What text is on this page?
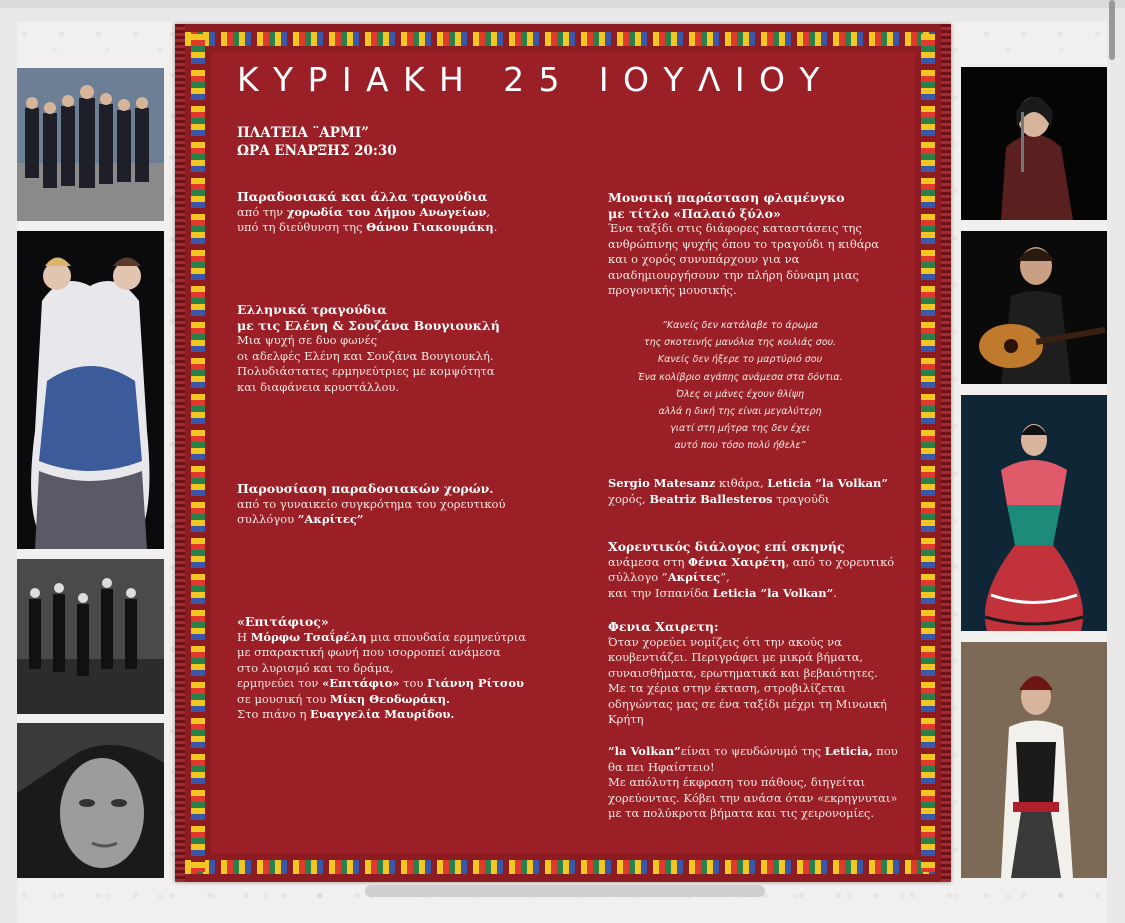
ΚΥΡΙΑΚΗ 25 ΙΟΥΛΙΟΥ
ΠΛΑΤΕΙΑ ¨ΑΡΜΙ”
ΩΡΑ ΕΝΑΡΞΗΣ 20:30
Παραδοσιακά και άλλα τραγούδια
από την χορωδία του Δήμου Ανωγείων,
υπό τη διεύθυνση της Θάνου Γιακουμάκη.
Ελληνικά τραγούδια
με τις Ελένη & Σουζάνα Βουγιουκλή
Μια ψυχή σε δυο φωνές
οι αδελφές Ελένη και Σουζάνα Βουγιουκλή.
Πολυδιάστατες ερμηνεύτριες με κομψότητα
και διαφάνεια κρυστάλλου.
Παρουσίαση παραδοσιακών χορών.
από το γυναικείο συγκρότημα του χορευτικού
συλλόγου ”Ακρίτες”
«Επιτάφιος»
Η Μόρφω Τσαΐρέλη μια σπουδαία ερμηνεύτρια
με σπαρακτική φωνή που ισορροπεί ανάμεσα
στο λυρισμό και το δράμα,
ερμηνεύει τον «Επιτάφιο» του Γιάννη Ρίτσου
σε μουσική του Μίκη Θεοδωράκη.
Στο πιάνο η Ευαγγελία Μαυρίδου.
Μουσική παράσταση φλαμένγκο
με τίτλο «Παλαιό ξύλο»
Ένα ταξίδι στις διάφορες καταστάσεις της
ανθρώπινης ψυχής όπου το τραγούδι η κιθάρα
και ο χορός συνυπάρχουν για να
αναδημιουργήσουν την πλήρη δύναμη μιας
προγονικής μουσικής.
”Κανείς δεν κατάλαβε το άρωμα
της σκοτεινής μανόλια της κοιλιάς σου.
Κανείς δεν ήξερε το μαρτύριό σου
Ένα κολίβριο αγάπης ανάμεσα στα δόντια.
Όλες οι μάνες έχουν θλίψη
αλλά η δική της είναι μεγαλύτερη
γιατί στη μήτρα της δεν έχει
αυτό που τόσο πολύ ήθελε”
Sergio Matesanz κιθάρα, Leticia ”la Volkan”
χορός, Beatriz Ballesteros τραγούδι
Χορευτικός διάλογος επί σκηνής
ανάμεσα στη Φένια Χαιρέτη, από το χορευτικό
σύλλογο ”Ακρίτες”,
και την Ισπανίδα Leticia ”la Volkan”.
Φενια Χαιρετη:
Όταν χορεύει νομίζεις ότι την ακούς να
κουβεντιάζει. Περιγράφει με μικρά βήματα,
συναισθήματα, ερωτηματικά και βεβαιότητες.
Με τα χέρια στην έκταση, στροβιλίζεται
οδηγώντας μας σε ένα ταξίδι μέχρι τη Μινωική
Κρήτη
”la Volkan”είναι το ψευδώνυμό της Leticia, που
θα πει Ηφαίστειο!
Με απόλυτη έκφραση του πάθους, διηγείται
χορεύοντας. Κόβει την ανάσα όταν «εκρηγνυται»
με τα πολύκροτα βήματα και τις χειρονομίες.
